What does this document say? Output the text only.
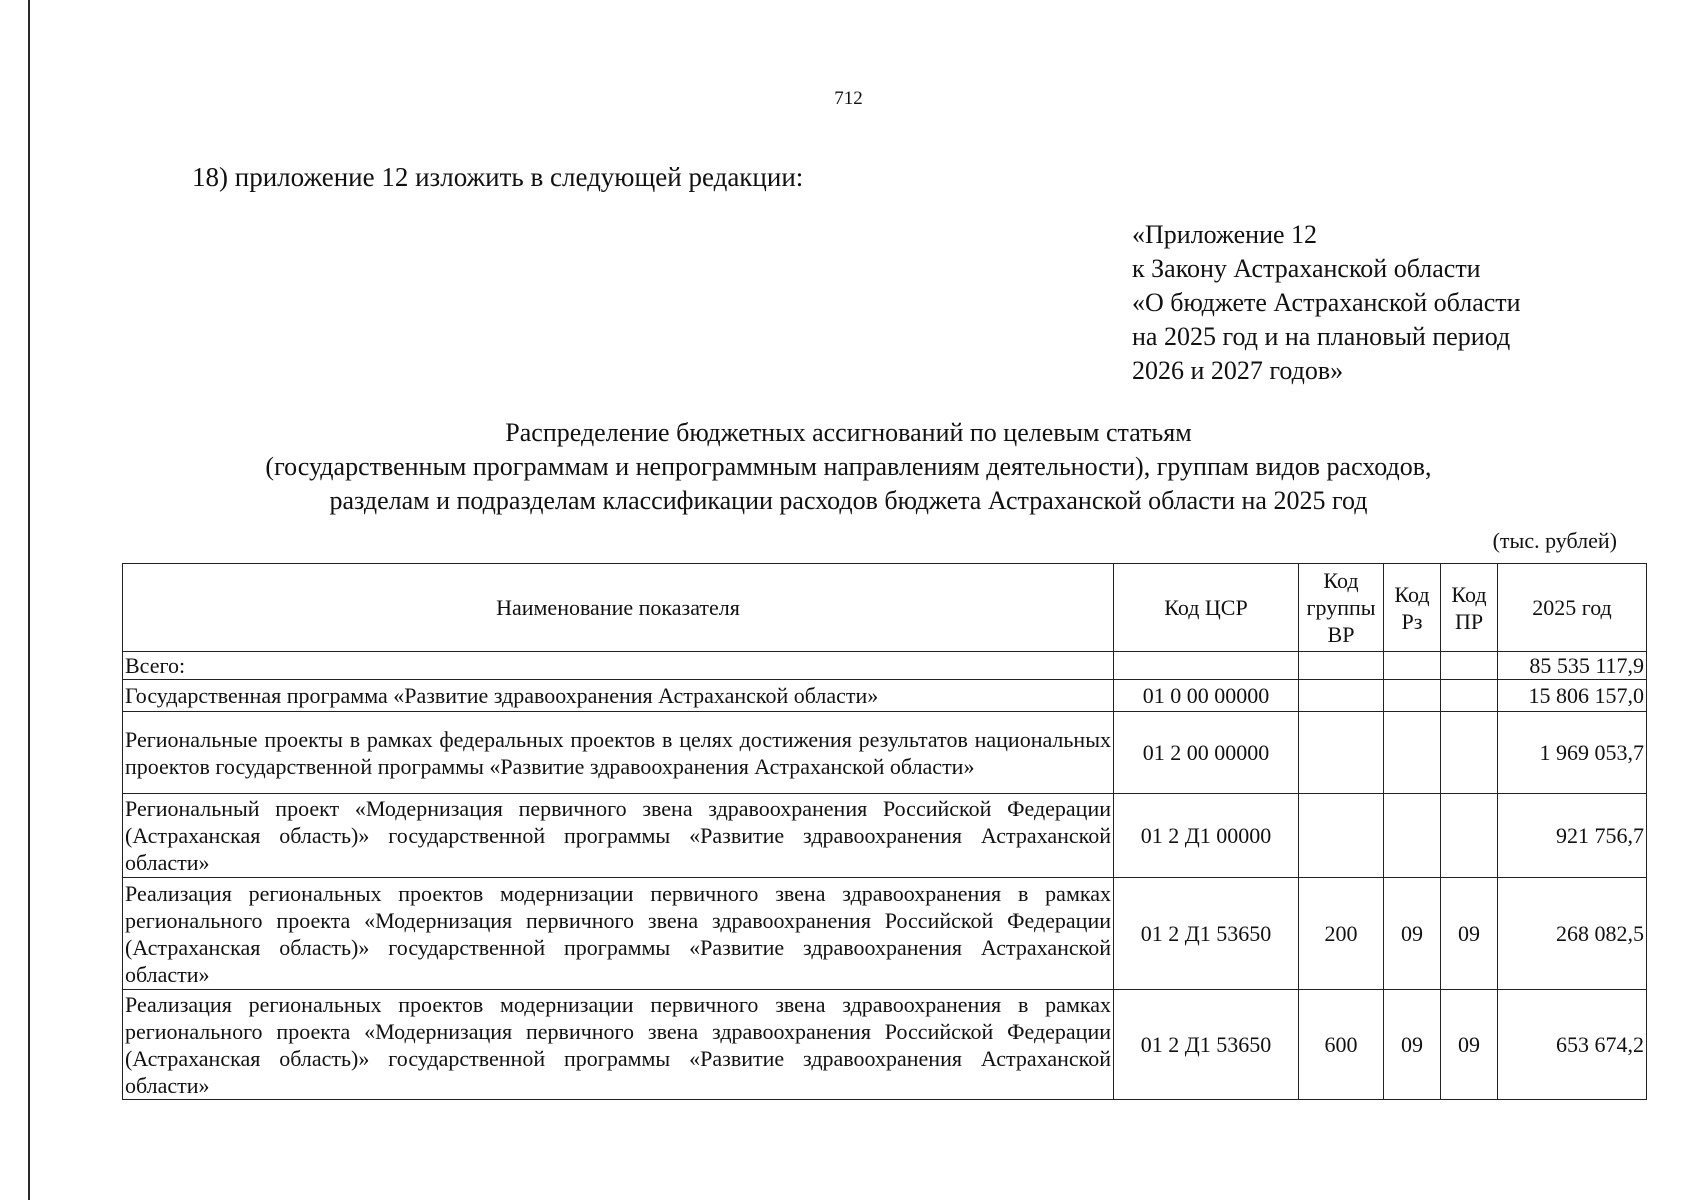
712
18) приложение 12 изложить в следующей редакции:
«Приложение 12
к Закону Астраханской области
«О бюджете Астраханской области
на 2025 год и на плановый период
2026 и 2027 годов»
Распределение бюджетных ассигнований по целевым статьям
(государственным программам и непрограммным направлениям деятельности), группам видов расходов,
разделам и подразделам классификации расходов бюджета Астраханской области на 2025 год
(тыс. рублей)
Наименование показателя	Код ЦСР	Код группы ВР	Код Рз	Код ПР	2025 год
Всего:					85 535 117,9
Государственная программа «Развитие здравоохранения Астраханской области»	01 0 00 00000				15 806 157,0
Региональные проекты в рамках федеральных проектов в целях достижения результатов национальных проектов государственной программы «Развитие здравоохранения Астраханской области»	01 2 00 00000				1 969 053,7
Региональный проект «Модернизация первичного звена здравоохранения Российской Федерации (Астраханская область)» государственной программы «Развитие здравоохранения Астраханской области»	01 2 Д1 00000				921 756,7
Реализация региональных проектов модернизации первичного звена здравоохранения в рамках регионального проекта «Модернизация первичного звена здравоохранения Российской Федерации (Астраханская область)» государственной программы «Развитие здравоохранения Астраханской области»	01 2 Д1 53650	200	09	09	268 082,5
Реализация региональных проектов модернизации первичного звена здравоохранения в рамках регионального проекта «Модернизация первичного звена здравоохранения Российской Федерации (Астраханская область)» государственной программы «Развитие здравоохранения Астраханской области»	01 2 Д1 53650	600	09	09	653 674,2
